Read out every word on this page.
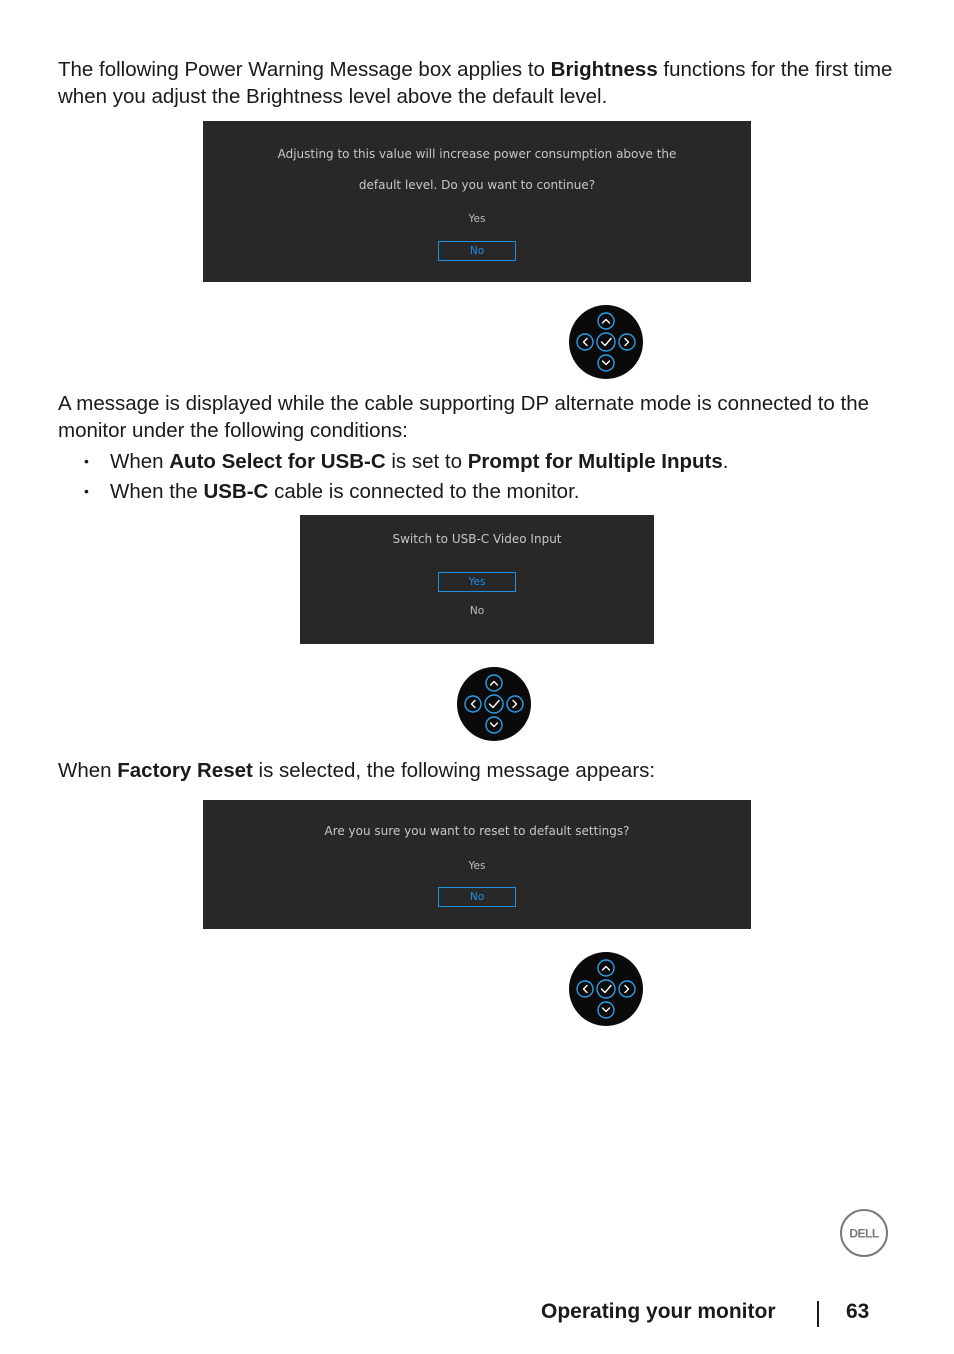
The following Power Warning Message box applies to Brightness functions for the first time when you adjust the Brightness level above the default level.

Adjusting to this value will increase power consumption above the
default level. Do you want to continue?
Yes
No

A message is displayed while the cable supporting DP alternate mode is connected to the monitor under the following conditions:

• When Auto Select for USB-C is set to Prompt for Multiple Inputs.
• When the USB-C cable is connected to the monitor.
Switch to USB-C Video Input
Yes
No

When Factory Reset is selected, the following message appears:

Are you sure you want to reset to default settings?
Yes
No
DELL
Operating your monitor	63
